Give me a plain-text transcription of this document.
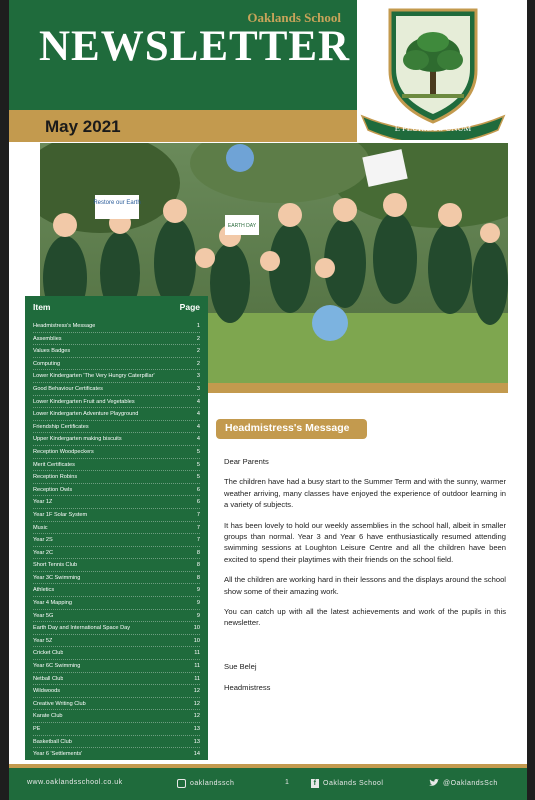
Oaklands School
NEWSLETTER
May 2021	E PLURIBUS UNUM
Restore our Earth
EARTH DAY
Item	Page
Headmistress's Message	1
Assemblies	2
Values Badges	2
Computing	2
Lower Kindergarten 'The Very Hungry Caterpillar'	3
Good Behaviour Certificates	3
Lower Kindergarten Fruit and Vegetables	4
Lower Kindergarten Adventure Playground	4
Friendship Certificates	4
Upper Kindergarten making biscuits	4
Reception Woodpeckers	5
Merit Certificates	5
Reception Robins	5
Reception Owls	6
Year 1Z	6
Year 1F Solar System	7
Music	7
Year 2S	7
Year 2C	8
Short Tennis Club	8
Year 3C Swimming	8
Athletics	9
Year 4 Mapping	9
Year 5G	9
Earth Day and International Space Day	10
Year 5Z	10
Cricket Club	11
Year 6C Swimming	11
Netball Club	11
Wildwoods	12
Creative Writing Club	12
Karate Club	12
PE	13
Basketball Club	13
Year 6 'Settlements'	14
Headmistress's Message

Dear Parents

The children have had a busy start to the Summer Term and with the sunny, warmer weather arriving, many classes have enjoyed the experience of outdoor learning in a variety of subjects.

It has been lovely to hold our weekly assemblies in the school hall, albeit in smaller groups than normal. Year 3 and Year 6 have enthusiastically resumed attending swimming sessions at Loughton Leisure Centre and all the children have been excited to spend their playtimes with their friends on the school field.

All the children are working hard in their lessons and the displays around the school show some of their amazing work.

You can catch up with all the latest achievements and work of the pupils in this newsletter.

Sue Belej

Headmistress

www.oaklandsschool.co.uk	oaklandssch	1	f Oaklands School	@OaklandsSch
